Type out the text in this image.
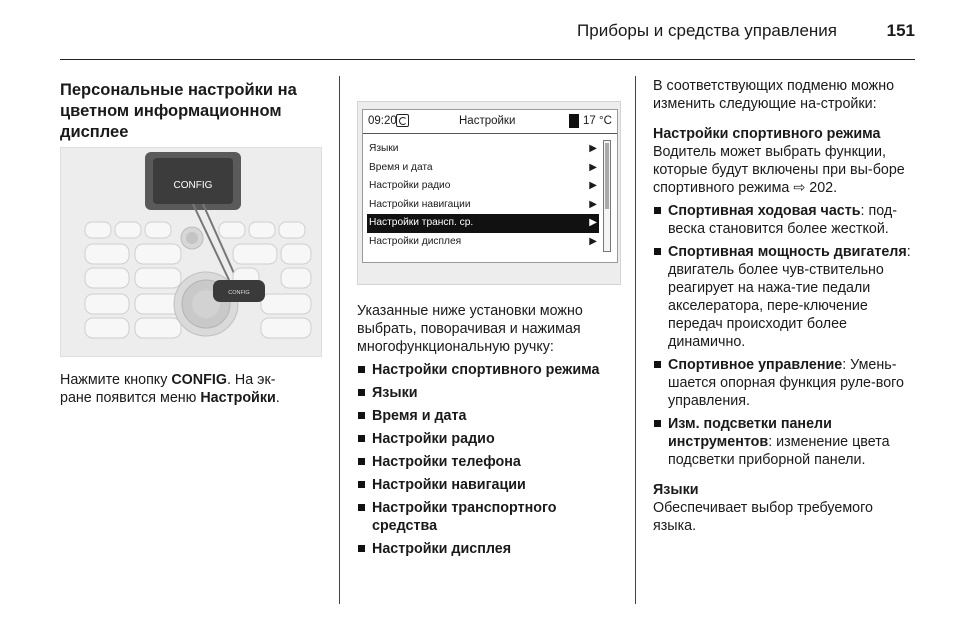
Приборы и средства управления	151
Персональные настройки на цветном информационном дисплее
CONFIG
CONFIG
Нажмите кнопку CONFIG. На эк-
ране появится меню Настройки.
09:20	Настройки	17 °C
Языки	▶
Время и дата	▶
Настройки радио	▶
Настройки навигации	▶
Настройки трансп. ср.	▶
Настройки дисплея	▶

Указанные ниже установки можно выбрать, поворачивая и нажимая многофункциональную ручку:

Настройки спортивного режима
Языки
Время и дата
Настройки радио
Настройки телефона
Настройки навигации
Настройки транспортного средства
Настройки дисплея

В соответствующих подменю можно изменить следующие на-стройки:

Настройки спортивного режима

Водитель может выбрать функции, которые будут включены при вы-боре спортивного режима ⇨ 202.

Спортивная ходовая часть: под-веска становится более жесткой.
Спортивная мощность двигателя: двигатель более чув-ствительно реагирует на нажа-тие педали акселератора, пере-ключение передач происходит более динамично.
Спортивное управление: Умень-шается опорная функция руле-вого управления.
Изм. подсветки панели инструментов: изменение цвета подсветки приборной панели.
Языки

Обеспечивает выбор требуемого языка.
